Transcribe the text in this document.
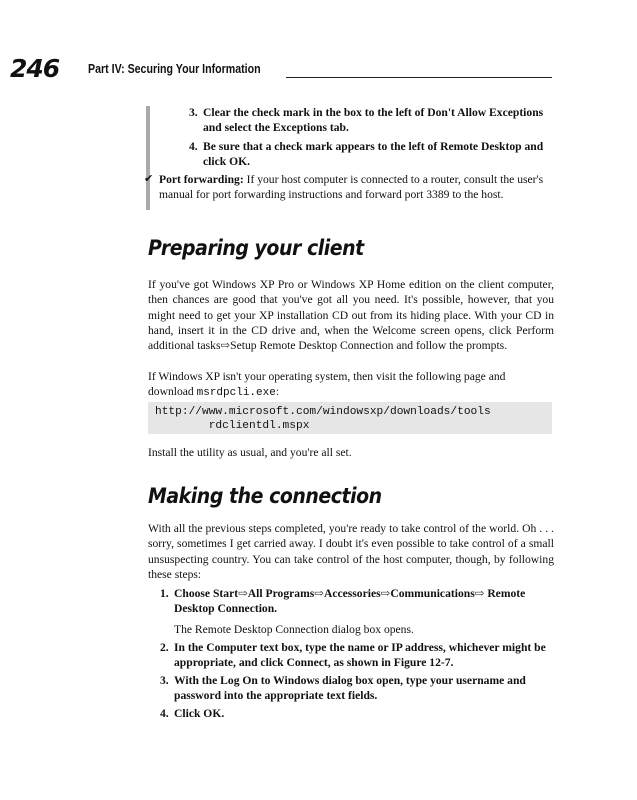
246 Part IV: Securing Your Information
3. Clear the check mark in the box to the left of Don't Allow Exceptions and select the Exceptions tab.
4. Be sure that a check mark appears to the left of Remote Desktop and click OK.
✔ Port forwarding: If your host computer is connected to a router, consult the user's manual for port forwarding instructions and forward port 3389 to the host.
Preparing your client
If you've got Windows XP Pro or Windows XP Home edition on the client computer, then chances are good that you've got all you need. It's possible, however, that you might need to get your XP installation CD out from its hiding place. With your CD in hand, insert it in the CD drive and, when the Welcome screen opens, click Perform additional tasks⇨Setup Remote Desktop Connection and follow the prompts.
If Windows XP isn't your operating system, then visit the following page and download msrdpcli.exe:
http://www.microsoft.com/windowsxp/downloads/tools
rdclientdl.mspx
Install the utility as usual, and you're all set.
Making the connection
With all the previous steps completed, you're ready to take control of the world. Oh . . . sorry, sometimes I get carried away. I doubt it's even possible to take control of a small unsuspecting country. You can take control of the host computer, though, by following these steps:
1. Choose Start⇨All Programs⇨Accessories⇨Communications⇨ Remote Desktop Connection.
The Remote Desktop Connection dialog box opens.
2. In the Computer text box, type the name or IP address, whichever might be appropriate, and click Connect, as shown in Figure 12-7.
3. With the Log On to Windows dialog box open, type your username and password into the appropriate text fields.
4. Click OK.
